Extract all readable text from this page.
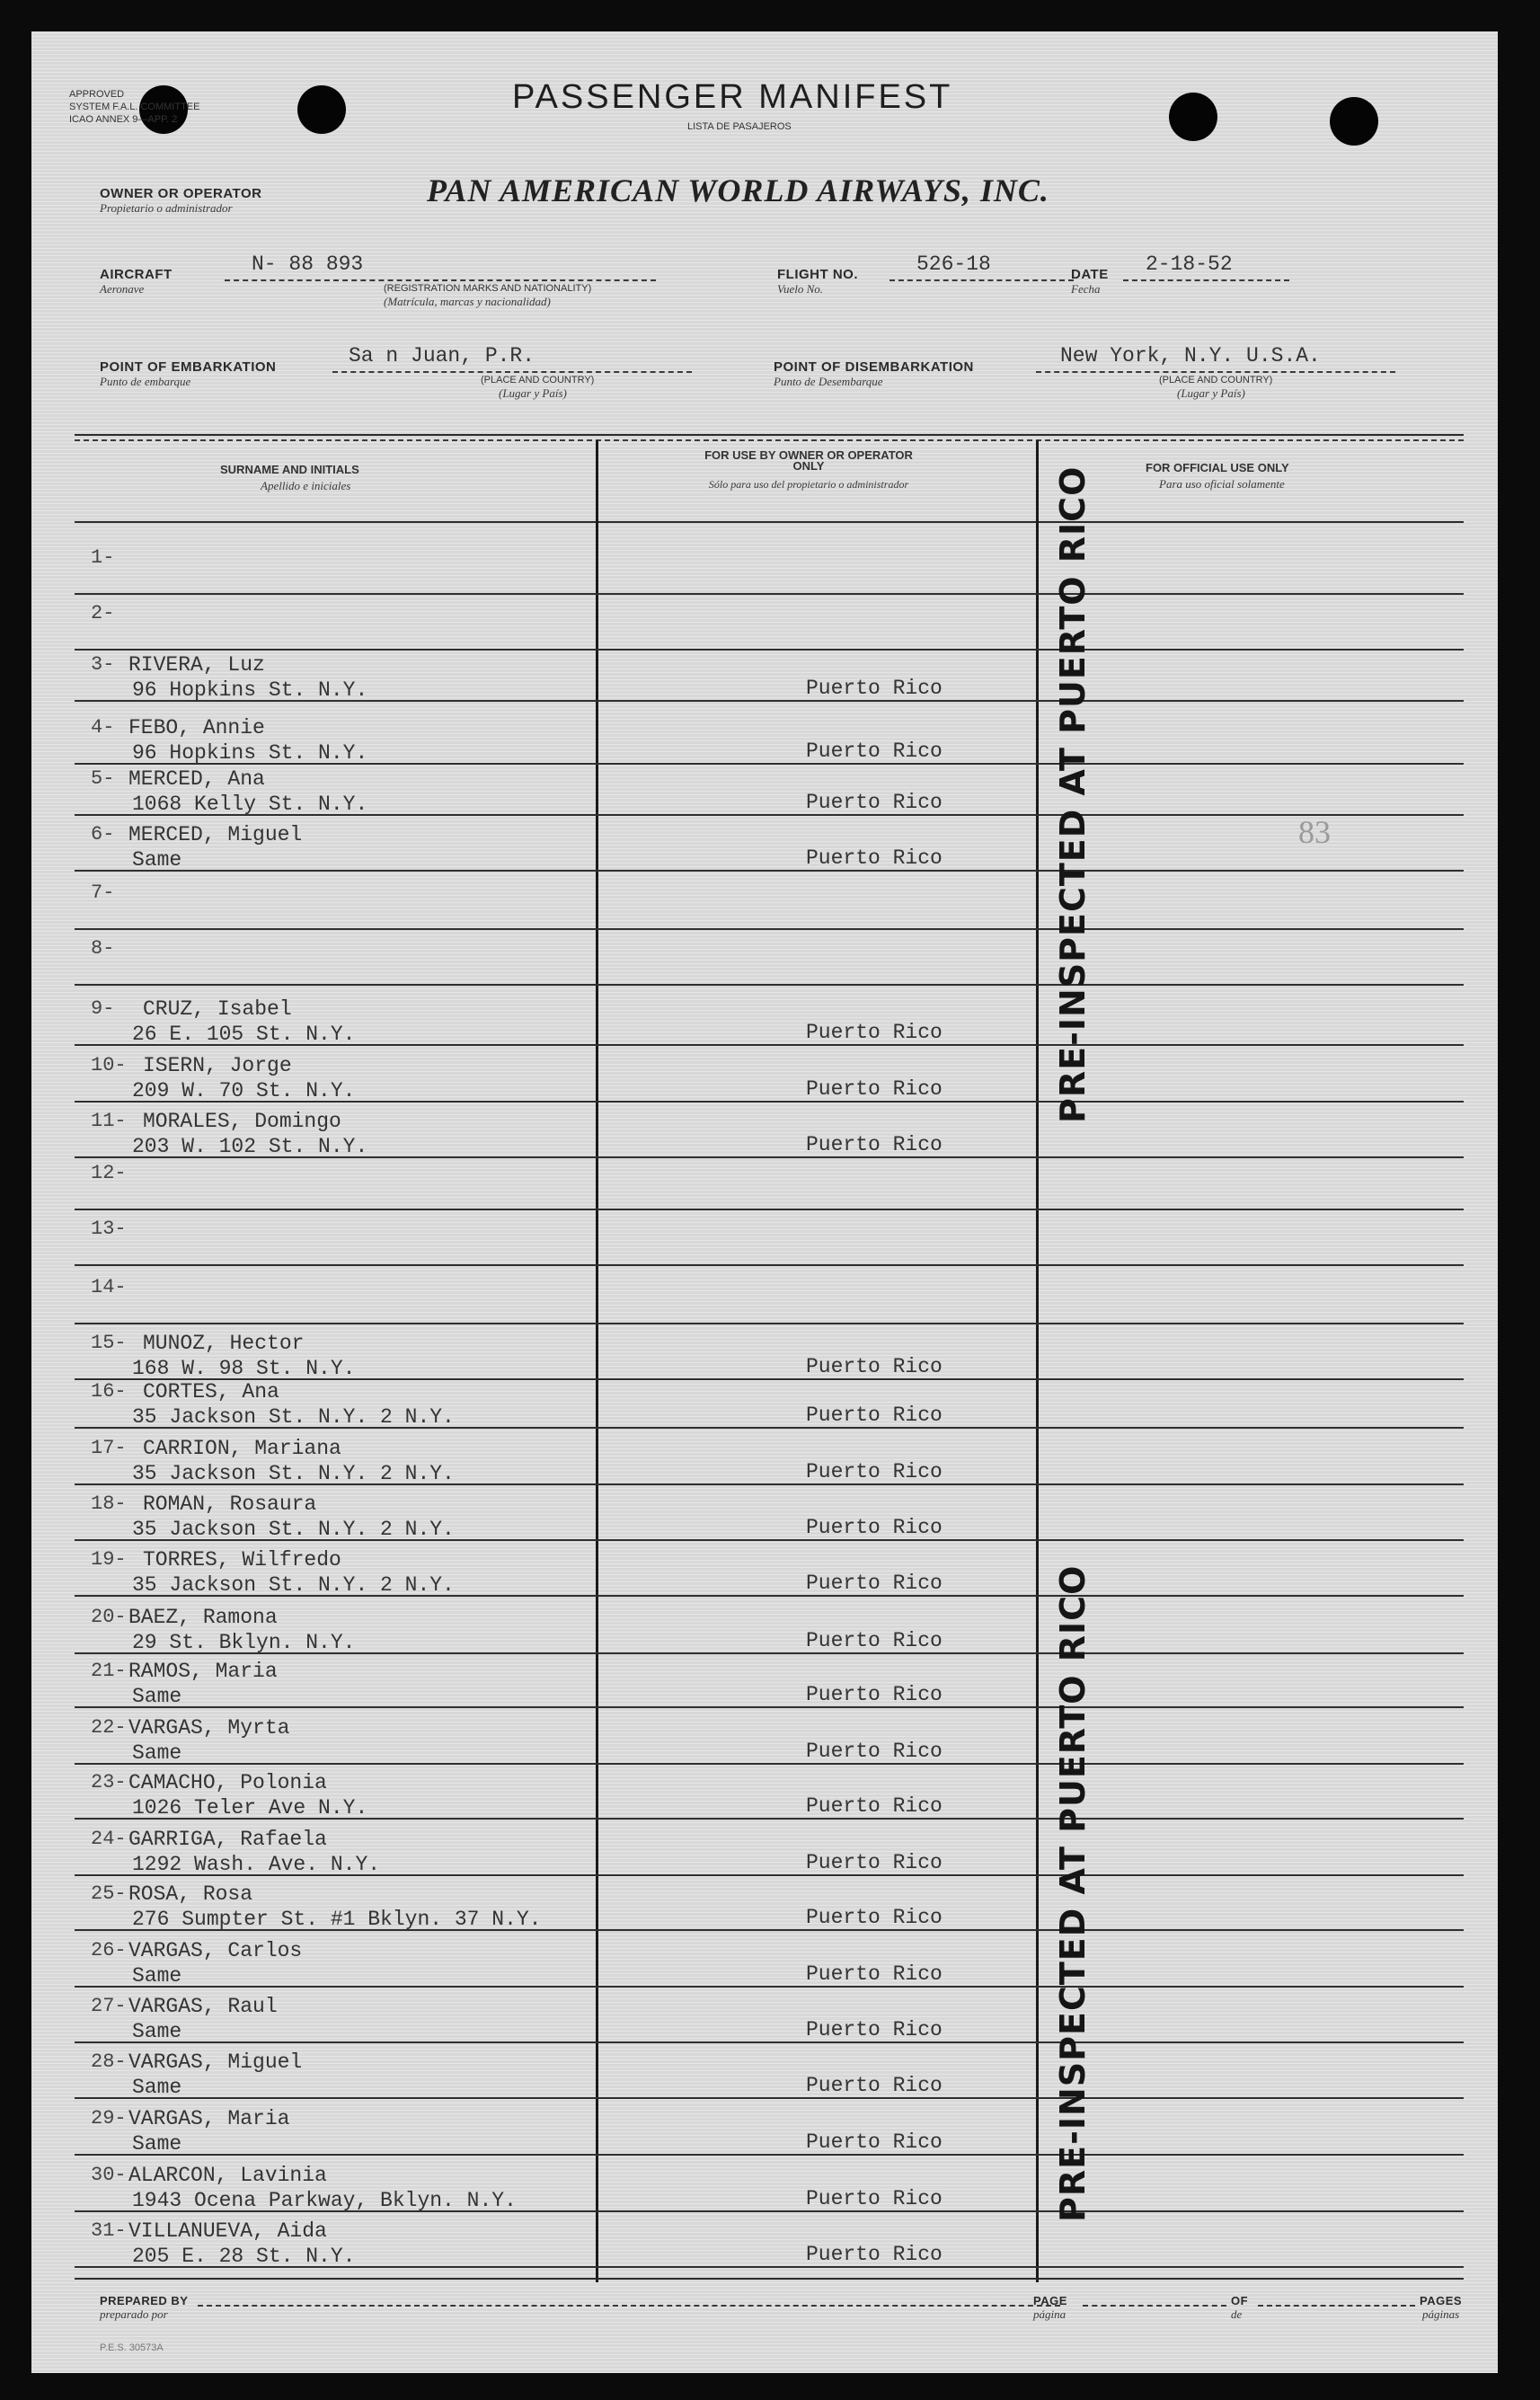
APPROVED
SYSTEM F.A.L. COMMITTEE
ICAO ANNEX 9—APP. 2
PASSENGER MANIFEST
LISTA DE PASAJEROS
OWNER OR OPERATOR
Propietario o administrador	PAN AMERICAN WORLD AIRWAYS, INC.
AIRCRAFT
Aeronave
N- 88 893
(REGISTRATION MARKS AND NATIONALITY)
(Matrícula, marcas y nacionalidad)
FLIGHT NO.
Vuelo No.
526-18	DATE
Fecha
2-18-52
POINT OF EMBARKATION
Punto de embarque
Sa n Juan, P.R.
(PLACE AND COUNTRY)
(Lugar y País)
POINT OF DISEMBARKATION
Punto de Desembarque
New York, N.Y. U.S.A.
(PLACE AND COUNTRY)
(Lugar y País)
SURNAME AND INITIALS
Apellido e iniciales
FOR USE BY OWNER OR OPERATOR ONLY
Sólo para uso del propietario o administrador
FOR OFFICIAL USE ONLY
Para uso oficial solamente
1-
2-
3- RIVERA, Luz
96 Hopkins St. N.Y.	Puerto Rico
4- FEBO, Annie
96 Hopkins St. N.Y.	Puerto Rico
5- MERCED, Ana
1068 Kelly St. N.Y.	Puerto Rico
6- MERCED, Miguel
Same	Puerto Rico
7-
8-
9- CRUZ, Isabel
26 E. 105 St. N.Y.	Puerto Rico
10- ISERN, Jorge
209 W. 70 St. N.Y.	Puerto Rico
11- MORALES, Domingo
203 W. 102 St. N.Y.	Puerto Rico
12-
13-
14-
15- MUNOZ, Hector
168 W. 98 St. N.Y.	Puerto Rico
16- CORTES, Ana
35 Jackson St. N.Y. 2 N.Y.	Puerto Rico
17- CARRION, Mariana
35 Jackson St. N.Y. 2 N.Y.	Puerto Rico
18- ROMAN, Rosaura
35 Jackson St. N.Y. 2 N.Y.	Puerto Rico
19- TORRES, Wilfredo
35 Jackson St. N.Y. 2 N.Y.	Puerto Rico
20- BAEZ, Ramona
29 St. Bklyn. N.Y.	Puerto Rico
21- RAMOS, Maria
Same	Puerto Rico
22- VARGAS, Myrta
Same	Puerto Rico
23- CAMACHO, Polonia
1026 Teler Ave N.Y.	Puerto Rico
24- GARRIGA, Rafaela
1292 Wash. Ave. N.Y.	Puerto Rico
25- ROSA, Rosa
276 Sumpter St. #1 Bklyn. 37 N.Y.	Puerto Rico
26- VARGAS, Carlos
Same	Puerto Rico
27- VARGAS, Raul
Same	Puerto Rico
28- VARGAS, Miguel
Same	Puerto Rico
29- VARGAS, Maria
Same	Puerto Rico
30- ALARCON, Lavinia
1943 Ocena Parkway, Bklyn. N.Y.	Puerto Rico
31- VILLANUEVA, Aida
205 E. 28 St. N.Y.	Puerto Rico
PRE-INSPECTED AT PUERTO RICO
PRE-INSPECTED AT PUERTO RICO
83
PREPARED BY
preparado por
PAGE
página
OF
de
PAGES
páginas
P.E.S. 30573A
